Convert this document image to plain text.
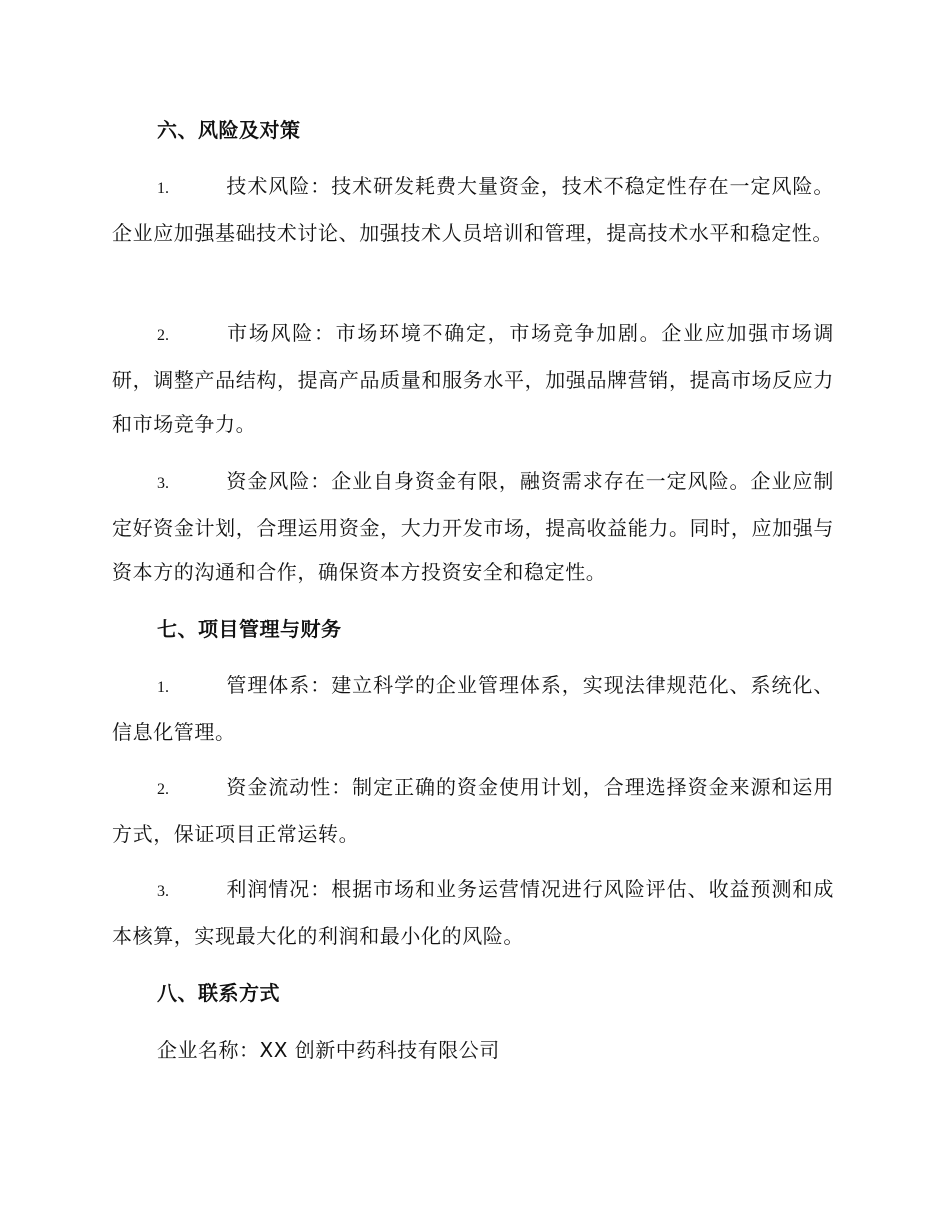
六、风险及对策
1.	技术风险：技术研发耗费大量资金，技术不稳定性存在一定风险。企业应加强基础技术讨论、加强技术人员培训和管理，提高技术水平和稳定性。
2.	市场风险：市场环境不确定，市场竞争加剧。企业应加强市场调研，调整产品结构，提高产品质量和服务水平，加强品牌营销，提高市场反应力和市场竞争力。
3.	资金风险：企业自身资金有限，融资需求存在一定风险。企业应制定好资金计划，合理运用资金，大力开发市场，提高收益能力。同时，应加强与资本方的沟通和合作，确保资本方投资安全和稳定性。
七、项目管理与财务
1.	管理体系：建立科学的企业管理体系，实现法律规范化、系统化、信息化管理。
2.	资金流动性：制定正确的资金使用计划，合理选择资金来源和运用方式，保证项目正常运转。
3.	利润情况：根据市场和业务运营情况进行风险评估、收益预测和成本核算，实现最大化的利润和最小化的风险。
八、联系方式
企业名称：XX 创新中药科技有限公司
